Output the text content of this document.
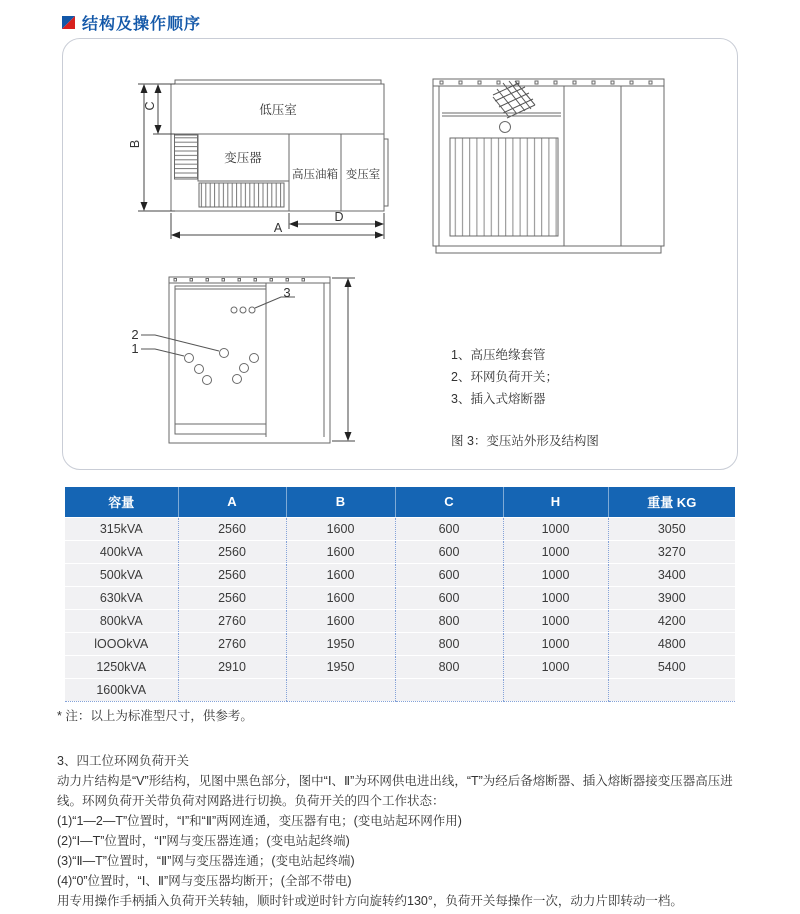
结构及操作顺序
低压室
变压器
高压油箱 变压室
C
B
D
A
3
2
1	1、高压绝缘套管
2、环网负荷开关；
3、插入式熔断器
图 3：变压站外形及结构图
容量	A	B	C	H	重量 KG
315kVA	2560	1600	600	1000	3050
400kVA	2560	1600	600	1000	3270
500kVA	2560	1600	600	1000	3400
630kVA	2560	1600	600	1000	3900
800kVA	2760	1600	800	1000	4200
lOOOkVA	2760	1950	800	1000	4800
1250kVA	2910	1950	800	1000	5400
1600kVA					
* 注：以上为标准型尺寸，供参考。
3、四工位环网负荷开关
动力片结构是“V”形结构，见图中黑色部分，图中“Ⅰ、Ⅱ”为环网供电进出线，“T”为经后备熔断器、插入熔断器接变压器高压进线。环网负荷开关带负荷对网路进行切换。负荷开关的四个工作状态：
(1)“1—2—T”位置时，“Ⅰ”和“Ⅱ”两网连通，变压器有电；(变电站起环网作用)
(2)“Ⅰ—T”位置时，“Ⅰ”网与变压器连通；(变电站起终端)
(3)“Ⅱ—T”位置时，“Ⅱ”网与变压器连通；(变电站起终端)
(4)“0”位置时，“Ⅰ、Ⅱ”网与变压器均断开；(全部不带电)
用专用操作手柄插入负荷开关转轴，顺时针或逆时针方向旋转约130°，负荷开关每操作一次，动力片即转动一档。
